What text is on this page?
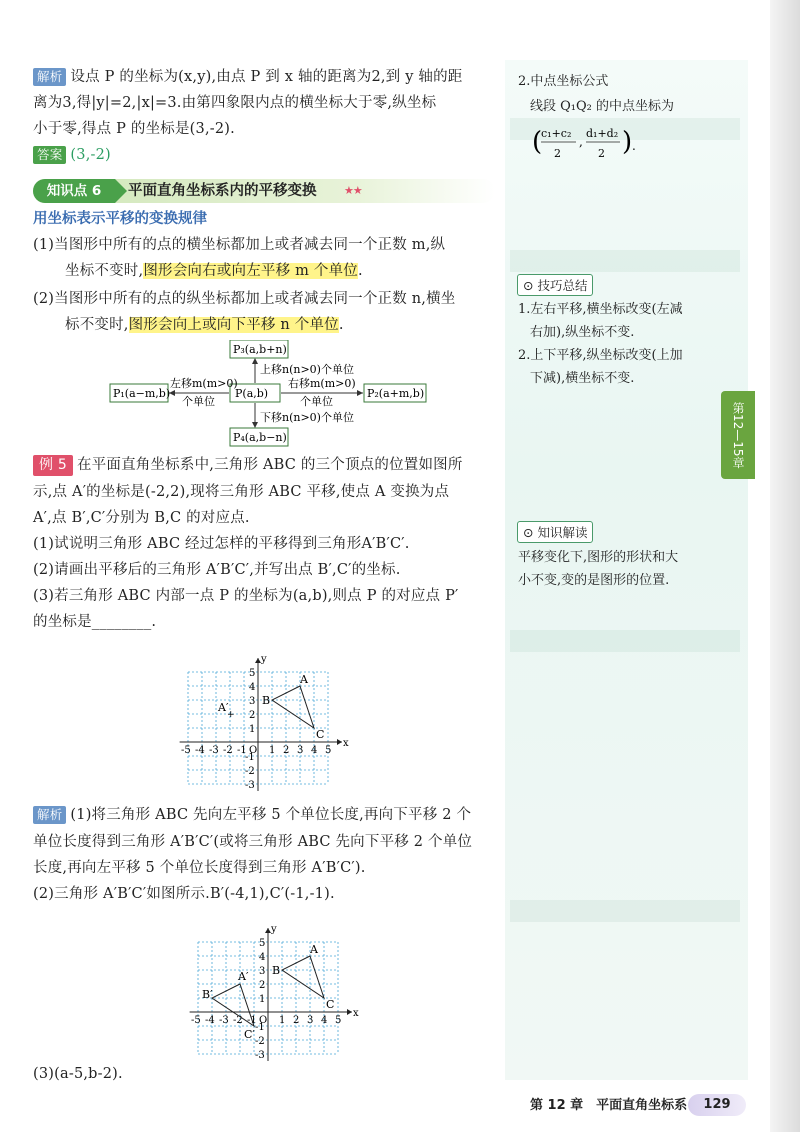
解析 设点 P 的坐标为(x,y),由点 P 到 x 轴的距离为2,到 y 轴的距
离为3,得|y|=2,|x|=3.由第四象限内点的横坐标大于零,纵坐标
小于零,得点 P 的坐标是(3,-2).
答案 (3,-2)
知识点 6	平面直角坐标系内的平移变换	★★
用坐标表示平移的变换规律
(1)当图形中所有的点的横坐标都加上或者减去同一个正数 m,纵
坐标不变时,图形会向右或向左平移 m 个单位.
(2)当图形中所有的点的纵坐标都加上或者减去同一个正数 n,横坐
标不变时,图形会向上或向下平移 n 个单位.
P₃(a,b+n)
P(a,b)
P₄(a,b−n)
P₁(a−m,b)	P₂(a+m,b)
上移n(n>0)个单位
下移n(n>0)个单位
左移m(m>0)
个单位
右移m(m>0)
个单位
例 5 在平面直角坐标系中,三角形 ABC 的三个顶点的位置如图所
示,点 A′的坐标是(-2,2),现将三角形 ABC 平移,使点 A 变换为点
A′,点 B′,C′分别为 B,C 的对应点.
(1)试说明三角形 ABC 经过怎样的平移得到三角形A′B′C′.
(2)请画出平移后的三角形 A′B′C′,并写出点 B′,C′的坐标.
(3)若三角形 ABC 内部一点 P 的坐标为(a,b),则点 P 的对应点 P′
的坐标是________.
x
y
-5 -4 -3 -2 -1 O 1 2 3 4 5
5
4
3
2
1
-1
-2
-3
A
B
C
+
A′
解析 (1)将三角形 ABC 先向左平移 5 个单位长度,再向下平移 2 个
单位长度得到三角形 A′B′C′(或将三角形 ABC 先向下平移 2 个单位
长度,再向左平移 5 个单位长度得到三角形 A′B′C′).
(2)三角形 A′B′C′如图所示.B′(-4,1),C′(-1,-1).
x
y
-5 -4 -3 -2 -1 O 1 2 3 4 5
5
4
3
2
1
-1
-2
-3
A
B
C
A′
B′
C′
(3)(a-5,b-2).
2.中点坐标公式
线段 Q₁Q₂ 的中点坐标为
(
c₁+c₂
2
,
d₁+d₂
2 ) .
⊙ 技巧总结
1.左右平移,横坐标改变(左减
右加),纵坐标不变.
2.上下平移,纵坐标改变(上加
下减),横坐标不变.
⊙ 知识解读
平移变化下,图形的形状和大
小不变,变的是图形的位置.
第12—15章
第 12 章　平面直角坐标系	129
